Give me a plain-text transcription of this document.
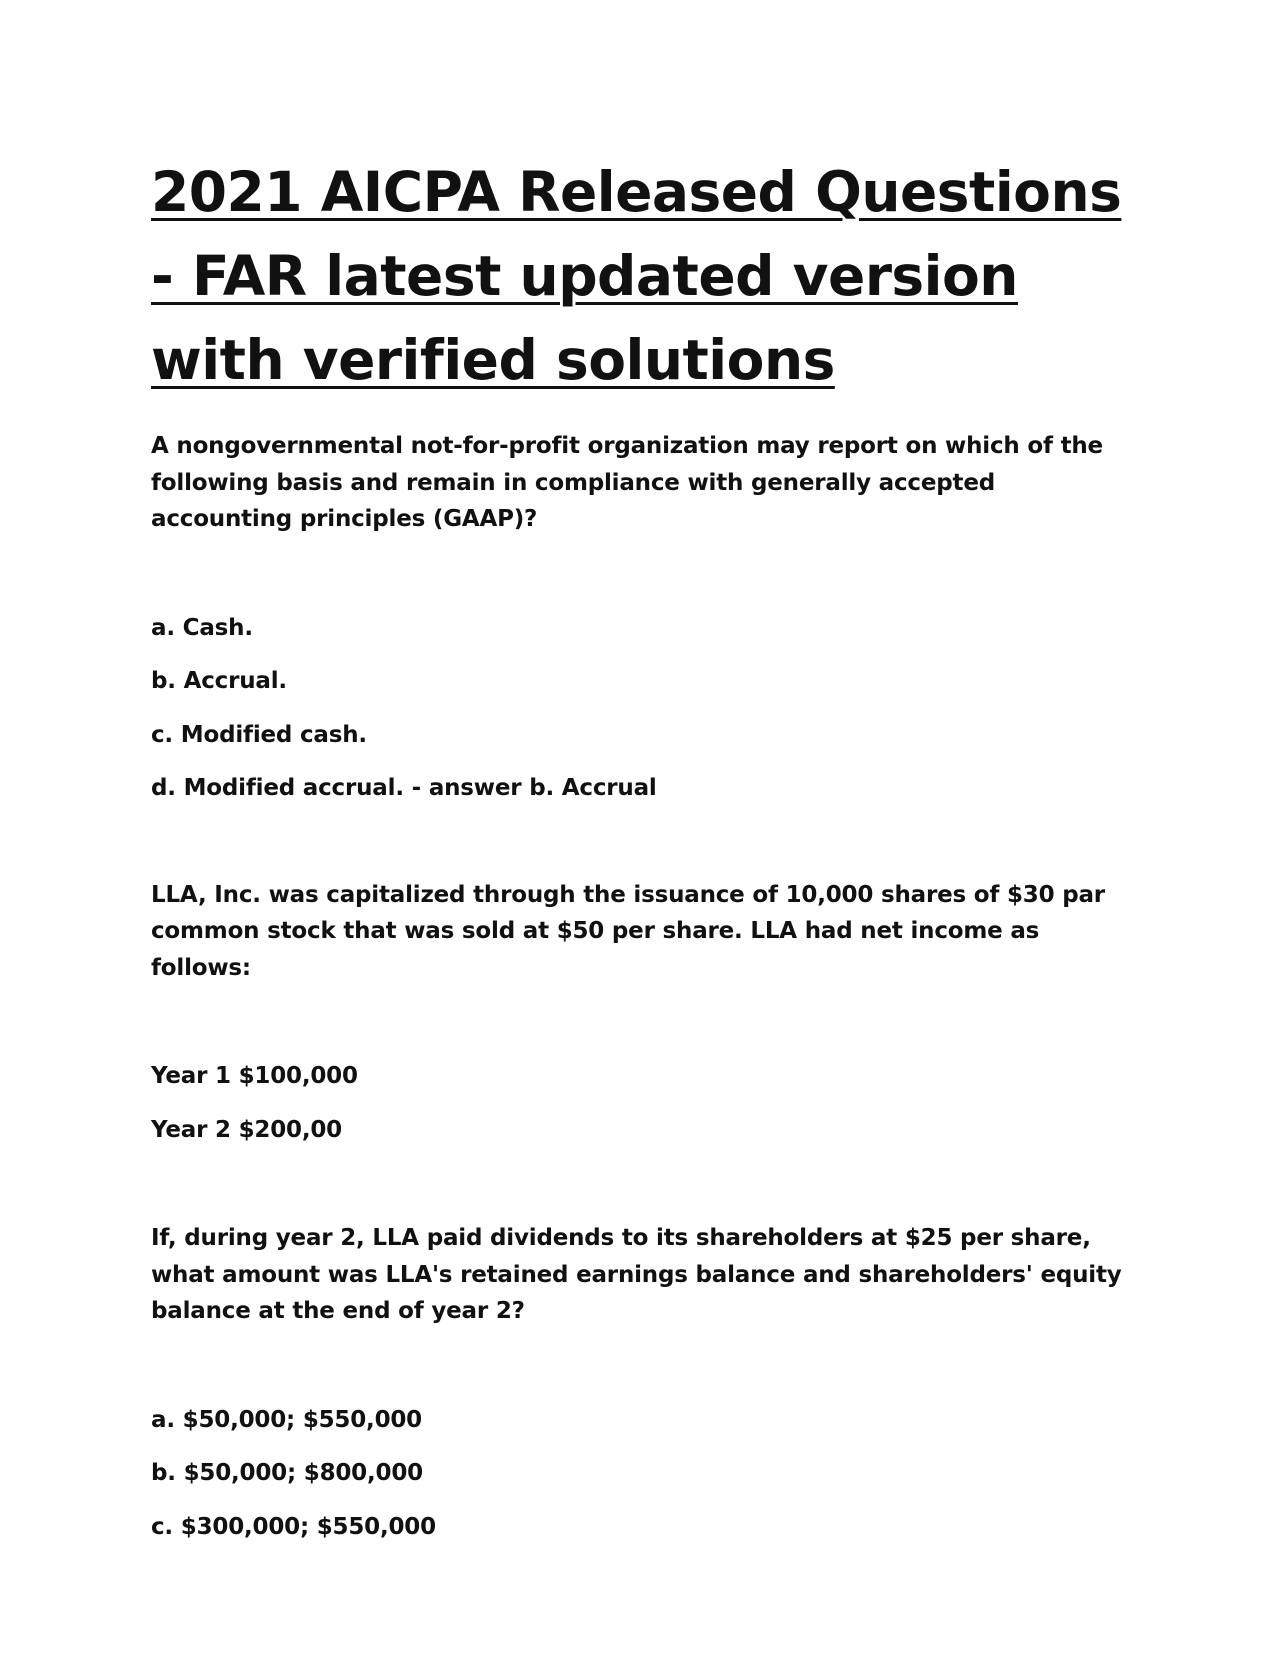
2021 AICPA Released Questions - FAR latest updated version with verified solutions

A nongovernmental not-for-profit organization may report on which of the following basis and remain in compliance with generally accepted accounting principles (GAAP)?

a. Cash.

b. Accrual.

c. Modified cash.

d. Modified accrual. - answer b. Accrual

LLA, Inc. was capitalized through the issuance of 10,000 shares of $30 par common stock that was sold at $50 per share. LLA had net income as follows:

Year 1 $100,000

Year 2 $200,00

If, during year 2, LLA paid dividends to its shareholders at $25 per share, what amount was LLA's retained earnings balance and shareholders' equity balance at the end of year 2?

a. $50,000; $550,000

b. $50,000; $800,000

c. $300,000; $550,000
